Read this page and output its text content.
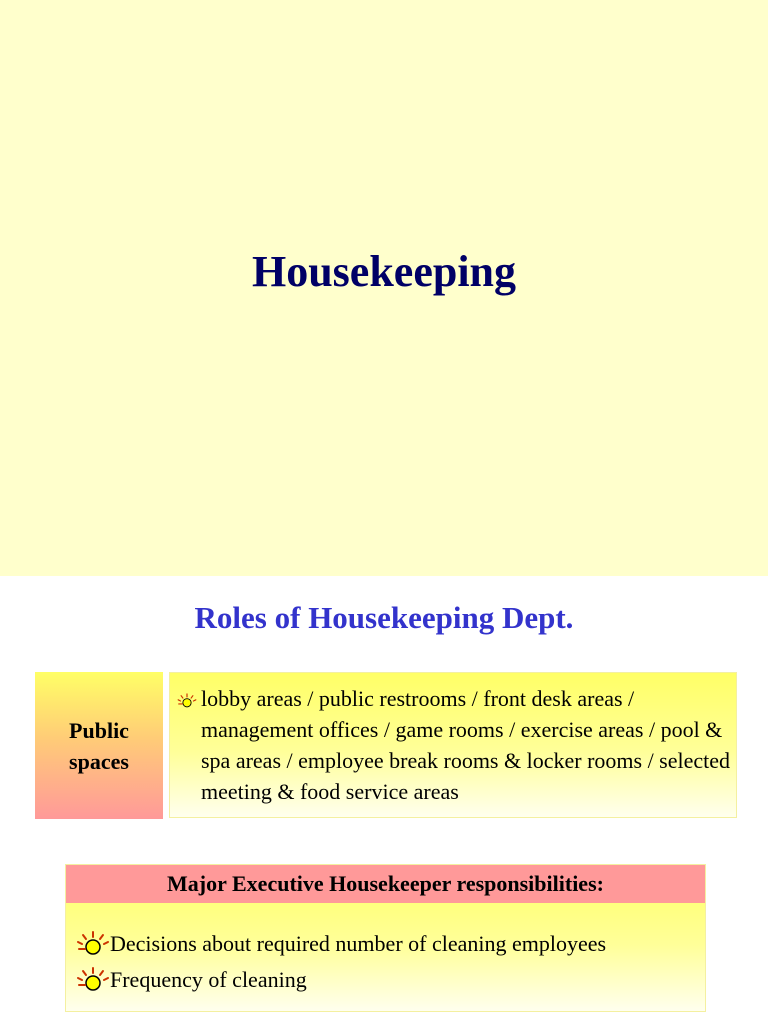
Housekeeping
Roles of Housekeeping Dept.
Public
spaces
lobby areas / public restrooms / front desk areas / management offices / game rooms / exercise areas / pool & spa areas / employee break rooms & locker rooms / selected meeting & food service areas
Major Executive Housekeeper responsibilities:
Decisions about required number of cleaning employees
Frequency of cleaning
